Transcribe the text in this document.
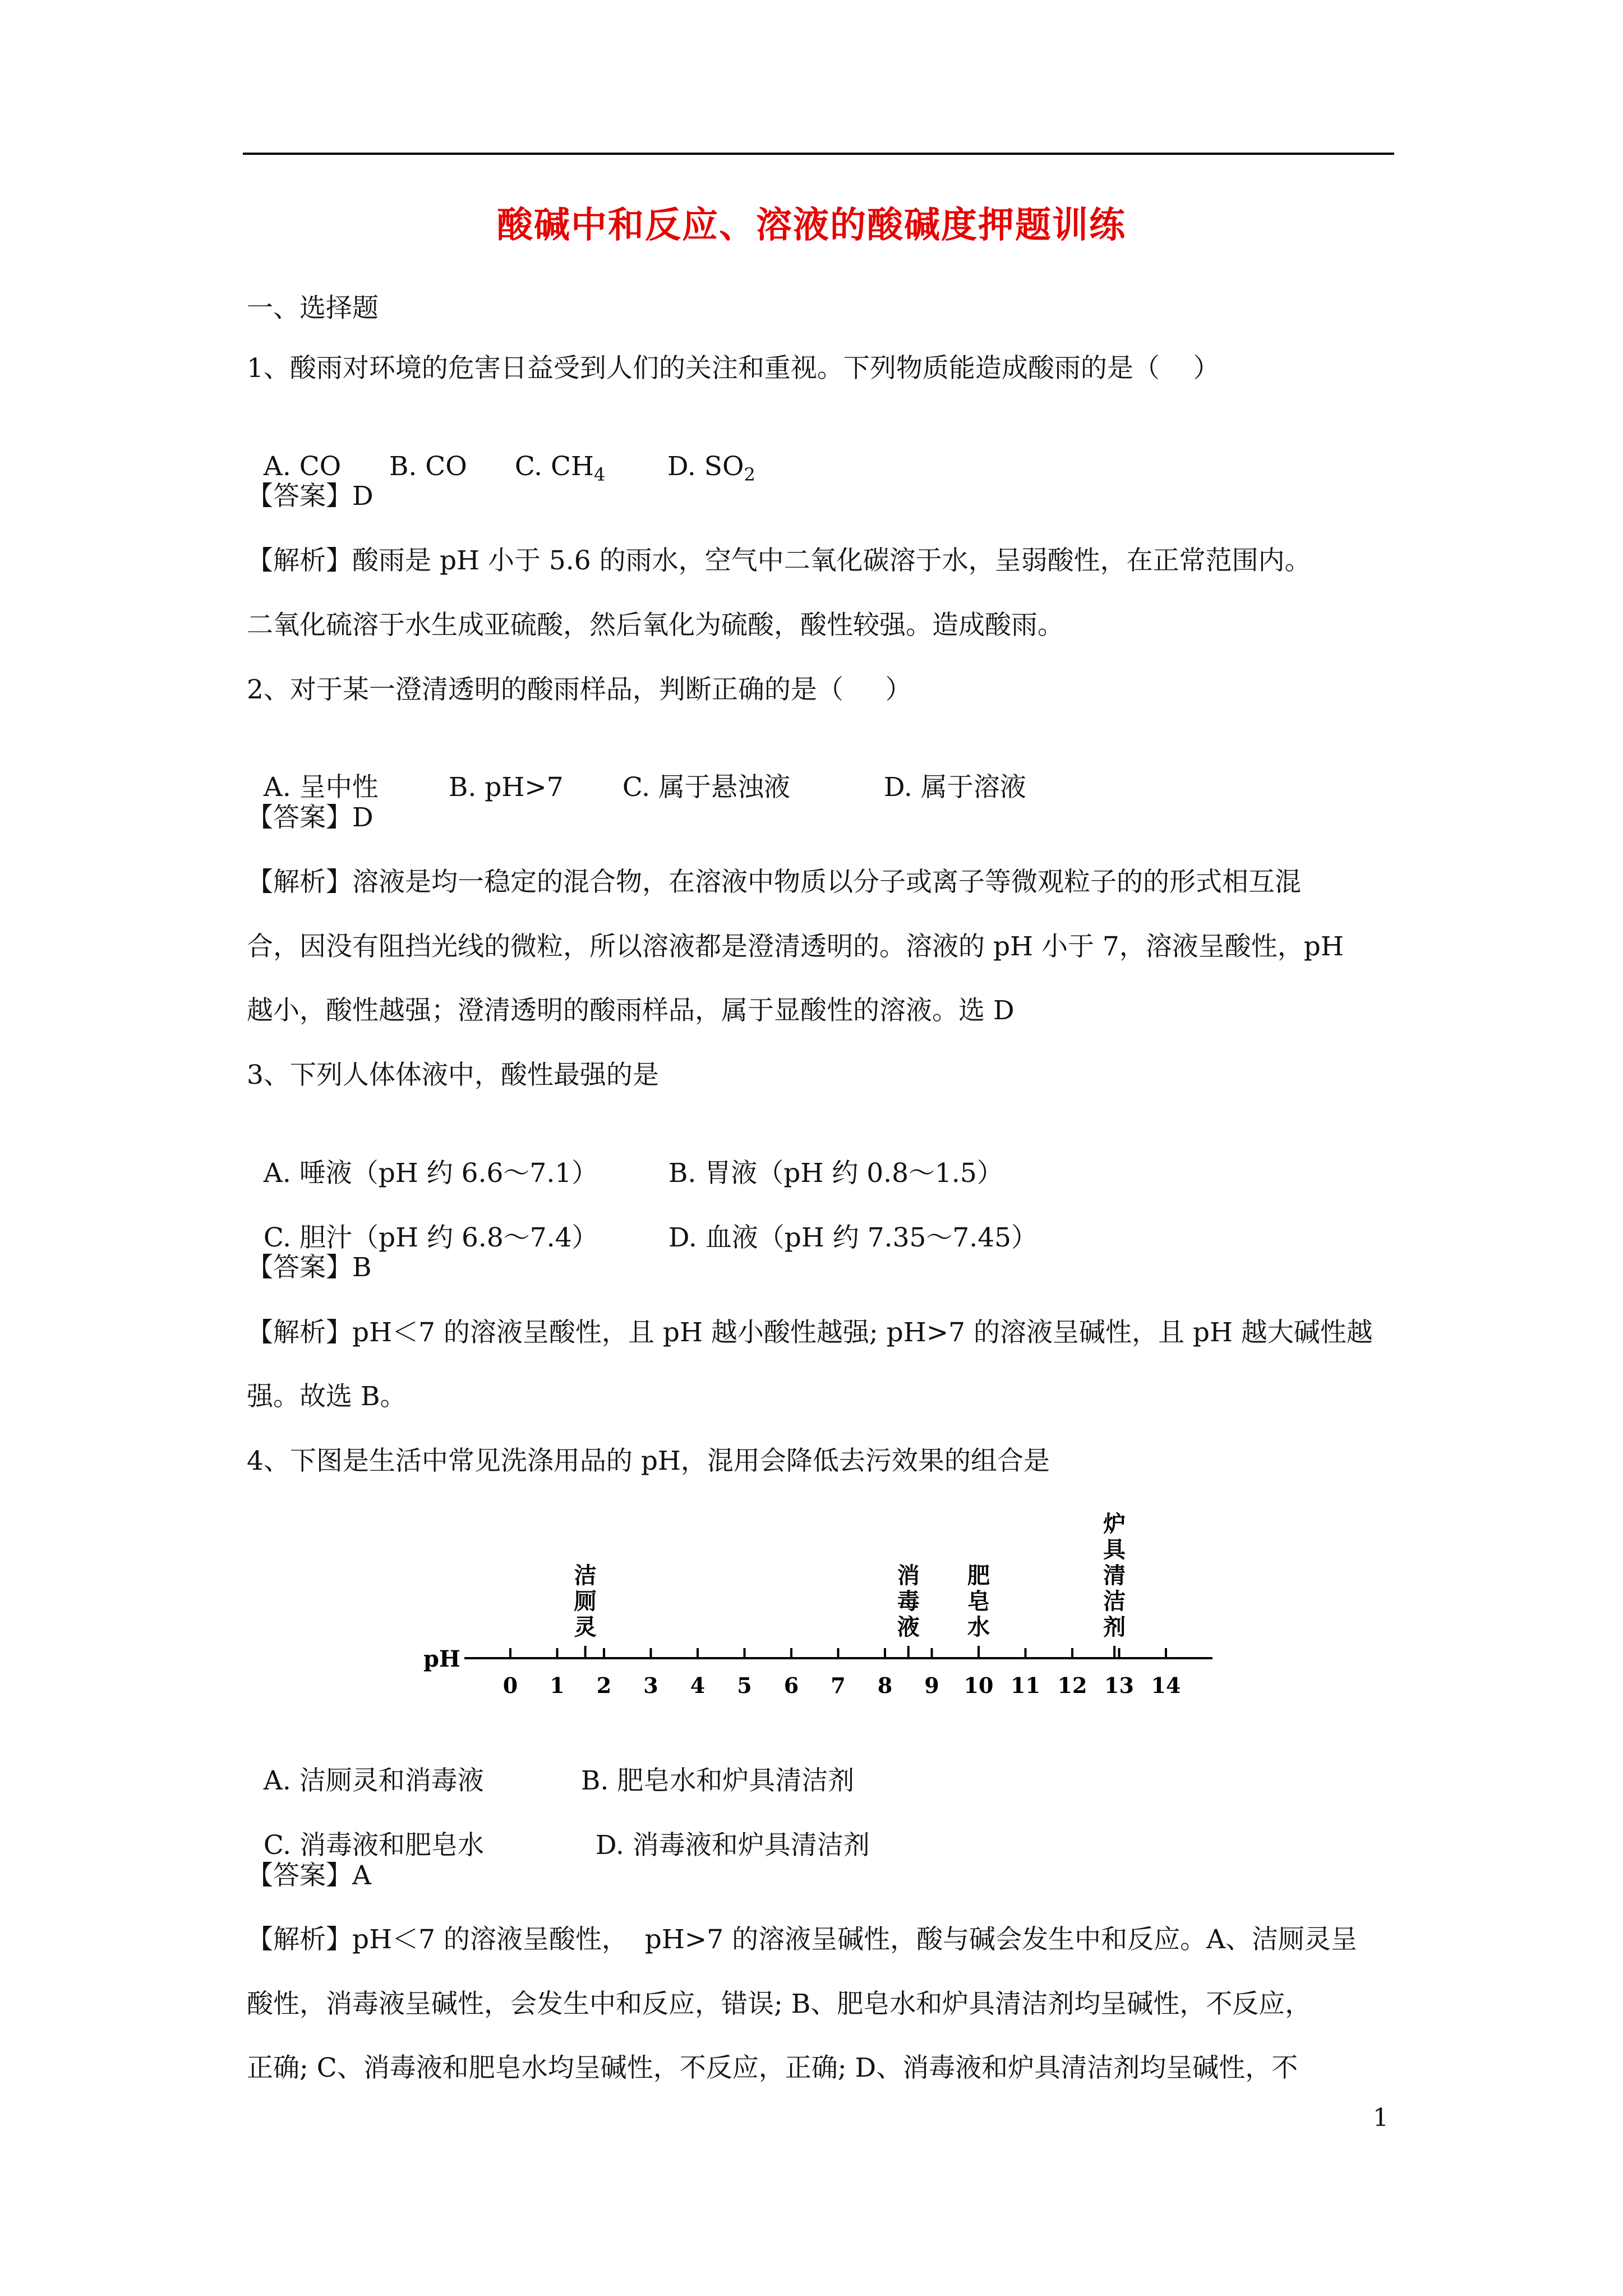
酸碱中和反应、溶液的酸碱度押题训练
一、选择题
1、酸雨对环境的危害日益受到人们的关注和重视。下列物质能造成酸雨的是（    ）

A. CO B. CO C. $CH_4$ D. $SO_2$

【答案】D
【解析】酸雨是 pH 小于 5.6 的雨水，空气中二氧化碳溶于水，呈弱酸性，在正常范围内。
二氧化硫溶于水生成亚硫酸，然后氧化为硫酸，酸性较强。造成酸雨。
2、对于某一澄清透明的酸雨样品，判断正确的是（     ）

A. 呈中性	B. pH>7 C. 属于悬浊液	D. 属于溶液

【答案】D
【解析】溶液是均一稳定的混合物，在溶液中物质以分子或离子等微观粒子的的形式相互混
合，因没有阻挡光线的微粒，所以溶液都是澄清透明的。溶液的 pH 小于 7，溶液呈酸性，pH
越小，酸性越强；澄清透明的酸雨样品，属于显酸性的溶液。选 D
3、下列人体体液中，酸性最强的是

A. 唾液（pH 约 6.6～7.1）	B. 胃液（pH 约 0.8～1.5）

C. 胆汁（pH 约 6.8～7.4）	D. 血液（pH 约 7.35～7.45）

【答案】B
【解析】pH＜7 的溶液呈酸性，且 pH 越小酸性越强; pH>7 的溶液呈碱性，且 pH 越大碱性越
强。故选 B。
4、下图是生活中常见洗涤用品的 pH，混用会降低去污效果的组合是
pH
0 1 2 3 4 5 6 7 8 9 10 11 12 13 14
洁厕灵
消毒液
肥皂水
炉具清洁剂

A. 洁厕灵和消毒液	B. 肥皂水和炉具清洁剂

C. 消毒液和肥皂水	D. 消毒液和炉具清洁剂

【答案】A
【解析】pH＜7 的溶液呈酸性，  pH>7 的溶液呈碱性，酸与碱会发生中和反应。A、洁厕灵呈
酸性，消毒液呈碱性，会发生中和反应，错误; B、肥皂水和炉具清洁剂均呈碱性，不反应，
正确; C、消毒液和肥皂水均呈碱性，不反应，正确; D、消毒液和炉具清洁剂均呈碱性，不
1
